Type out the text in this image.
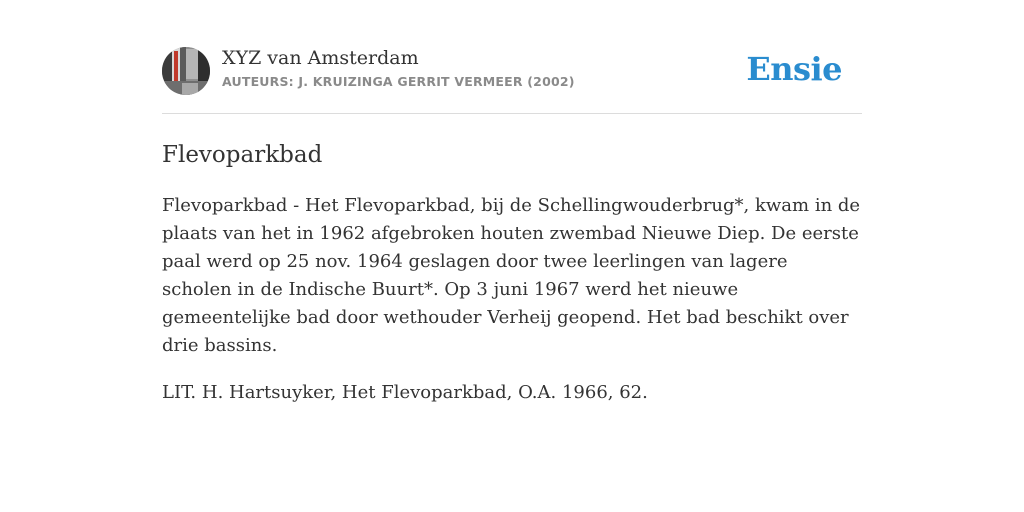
XYZ van Amsterdam
AUTEURS: J. KRUIZINGA GERRIT VERMEER (2002)	Ensie
Flevoparkbad

Flevoparkbad - Het Flevoparkbad, bij de Schellingwouderbrug*, kwam in de plaats van het in 1962 afgebroken houten zwembad Nieuwe Diep. De eerste paal werd op 25 nov. 1964 geslagen door twee leerlingen van lagere scholen in de Indische Buurt*. Op 3 juni 1967 werd het nieuwe gemeentelijke bad door wethouder Verheij geopend. Het bad beschikt over drie bassins.

LIT. H. Hartsuyker, Het Flevoparkbad, O.A. 1966, 62.
